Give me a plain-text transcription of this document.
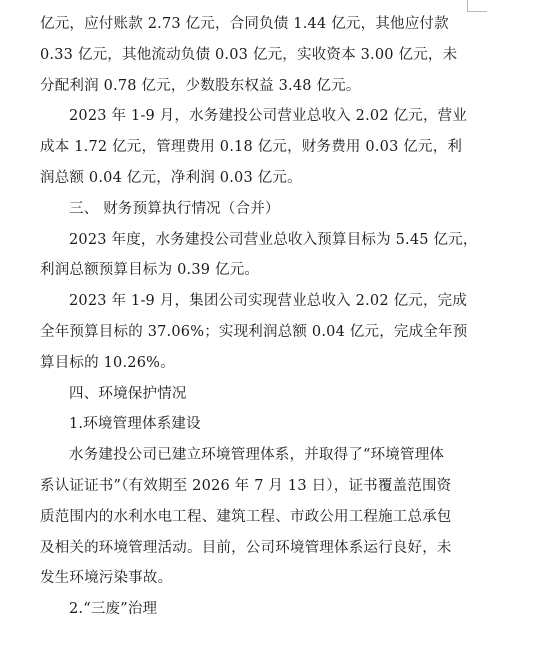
亿元，应付账款 2.73 亿元，合同负债 1.44 亿元，其他应付款
0.33 亿元，其他流动负债 0.03 亿元，实收资本 3.00 亿元，未
分配利润 0.78 亿元，少数股东权益 3.48 亿元。
2023 年 1-9 月，水务建投公司营业总收入 2.02 亿元，营业
成本 1.72 亿元，管理费用 0.18 亿元，财务费用 0.03 亿元，利
润总额 0.04 亿元，净利润 0.03 亿元。
三、 财务预算执行情况（合并）
2023 年度，水务建投公司营业总收入预算目标为 5.45 亿元，
利润总额预算目标为 0.39 亿元。
2023 年 1-9 月，集团公司实现营业总收入 2.02 亿元，完成
全年预算目标的 37.06%；实现利润总额 0.04 亿元，完成全年预
算目标的 10.26%。
四、环境保护情况
1.环境管理体系建设
水务建投公司已建立环境管理体系，并取得了“环境管理体
系认证证书”（有效期至 2026 年 7 月 13 日），证书覆盖范围资
质范围内的水利水电工程、建筑工程、市政公用工程施工总承包
及相关的环境管理活动。目前，公司环境管理体系运行良好，未
发生环境污染事故。
2.“三废”治理
